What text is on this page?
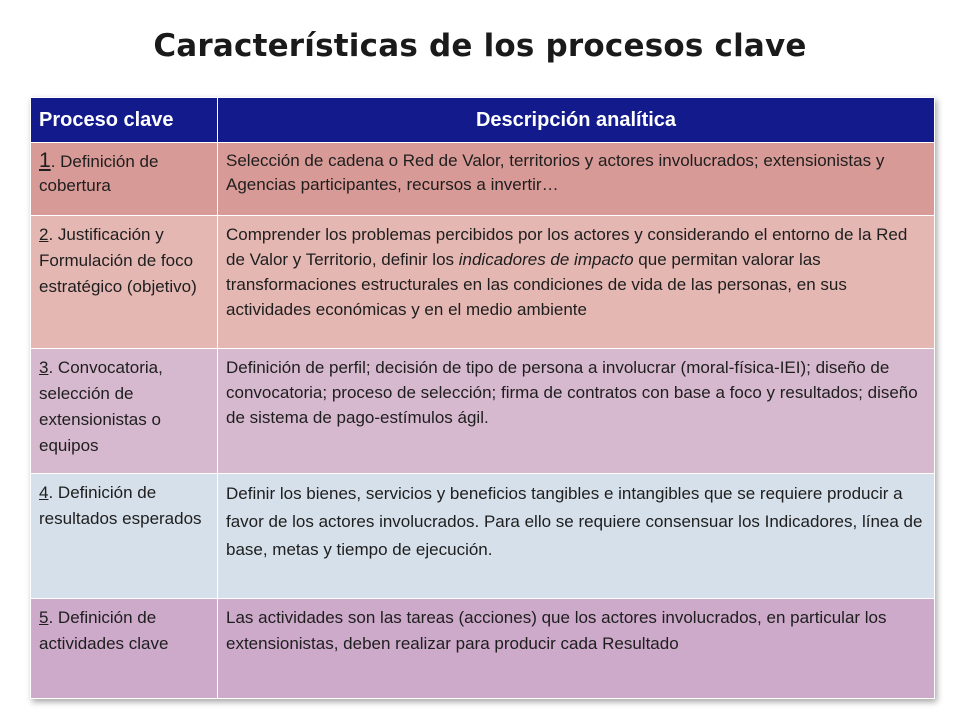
Características de los procesos clave
Proceso clave	Descripción analítica
1. Definición de cobertura	Selección de cadena o Red de Valor, territorios y actores involucrados; extensionistas y Agencias participantes, recursos a invertir…
2. Justificación y Formulación de foco estratégico (objetivo)	Comprender los problemas percibidos por los actores y considerando el entorno de la Red de Valor y Territorio, definir los indicadores de impacto que permitan valorar las transformaciones estructurales en las condiciones de vida de las personas, en sus actividades económicas y en el medio ambiente
3. Convocatoria, selección de extensionistas o equipos	Definición de perfil; decisión de tipo de persona a involucrar (moral-física-IEI); diseño de convocatoria; proceso de selección; firma de contratos con base a foco y resultados; diseño de sistema de pago-estímulos ágil.
4. Definición de resultados esperados	Definir los bienes, servicios y beneficios tangibles e intangibles que se requiere producir a favor de los actores involucrados. Para ello se requiere consensuar los Indicadores, línea de base, metas y tiempo de ejecución.
5. Definición de actividades clave	Las actividades son las tareas (acciones) que los actores involucrados, en particular los extensionistas, deben realizar para producir cada Resultado
